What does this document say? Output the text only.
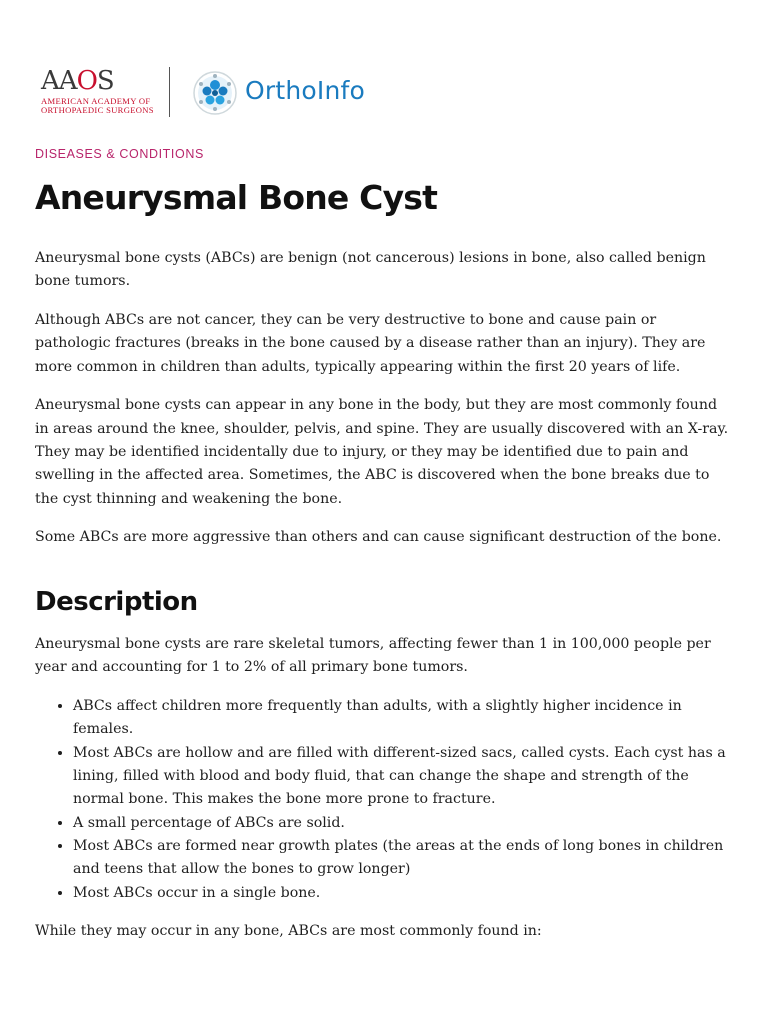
AAOS
AMERICAN ACADEMY OF
ORTHOPAEDIC SURGEONS
OrthoInfo
DISEASES & CONDITIONS
Aneurysmal Bone Cyst

Aneurysmal bone cysts (ABCs) are benign (not cancerous) lesions in bone, also called benign bone tumors.

Although ABCs are not cancer, they can be very destructive to bone and cause pain or pathologic fractures (breaks in the bone caused by a disease rather than an injury). They are more common in children than adults, typically appearing within the first 20 years of life.

Aneurysmal bone cysts can appear in any bone in the body, but they are most commonly found in areas around the knee, shoulder, pelvis, and spine. They are usually discovered with an X-ray. They may be identified incidentally due to injury, or they may be identified due to pain and swelling in the affected area. Sometimes, the ABC is discovered when the bone breaks due to the cyst thinning and weakening the bone.

Some ABCs are more aggressive than others and can cause significant destruction of the bone.

Description

Aneurysmal bone cysts are rare skeletal tumors, affecting fewer than 1 in 100,000 people per year and accounting for 1 to 2% of all primary bone tumors.

• ABCs affect children more frequently than adults, with a slightly higher incidence in females.
• Most ABCs are hollow and are filled with different-sized sacs, called cysts. Each cyst has a lining, filled with blood and body fluid, that can change the shape and strength of the normal bone. This makes the bone more prone to fracture.
• A small percentage of ABCs are solid.
• Most ABCs are formed near growth plates (the areas at the ends of long bones in children and teens that allow the bones to grow longer)
• Most ABCs occur in a single bone.

While they may occur in any bone, ABCs are most commonly found in:
